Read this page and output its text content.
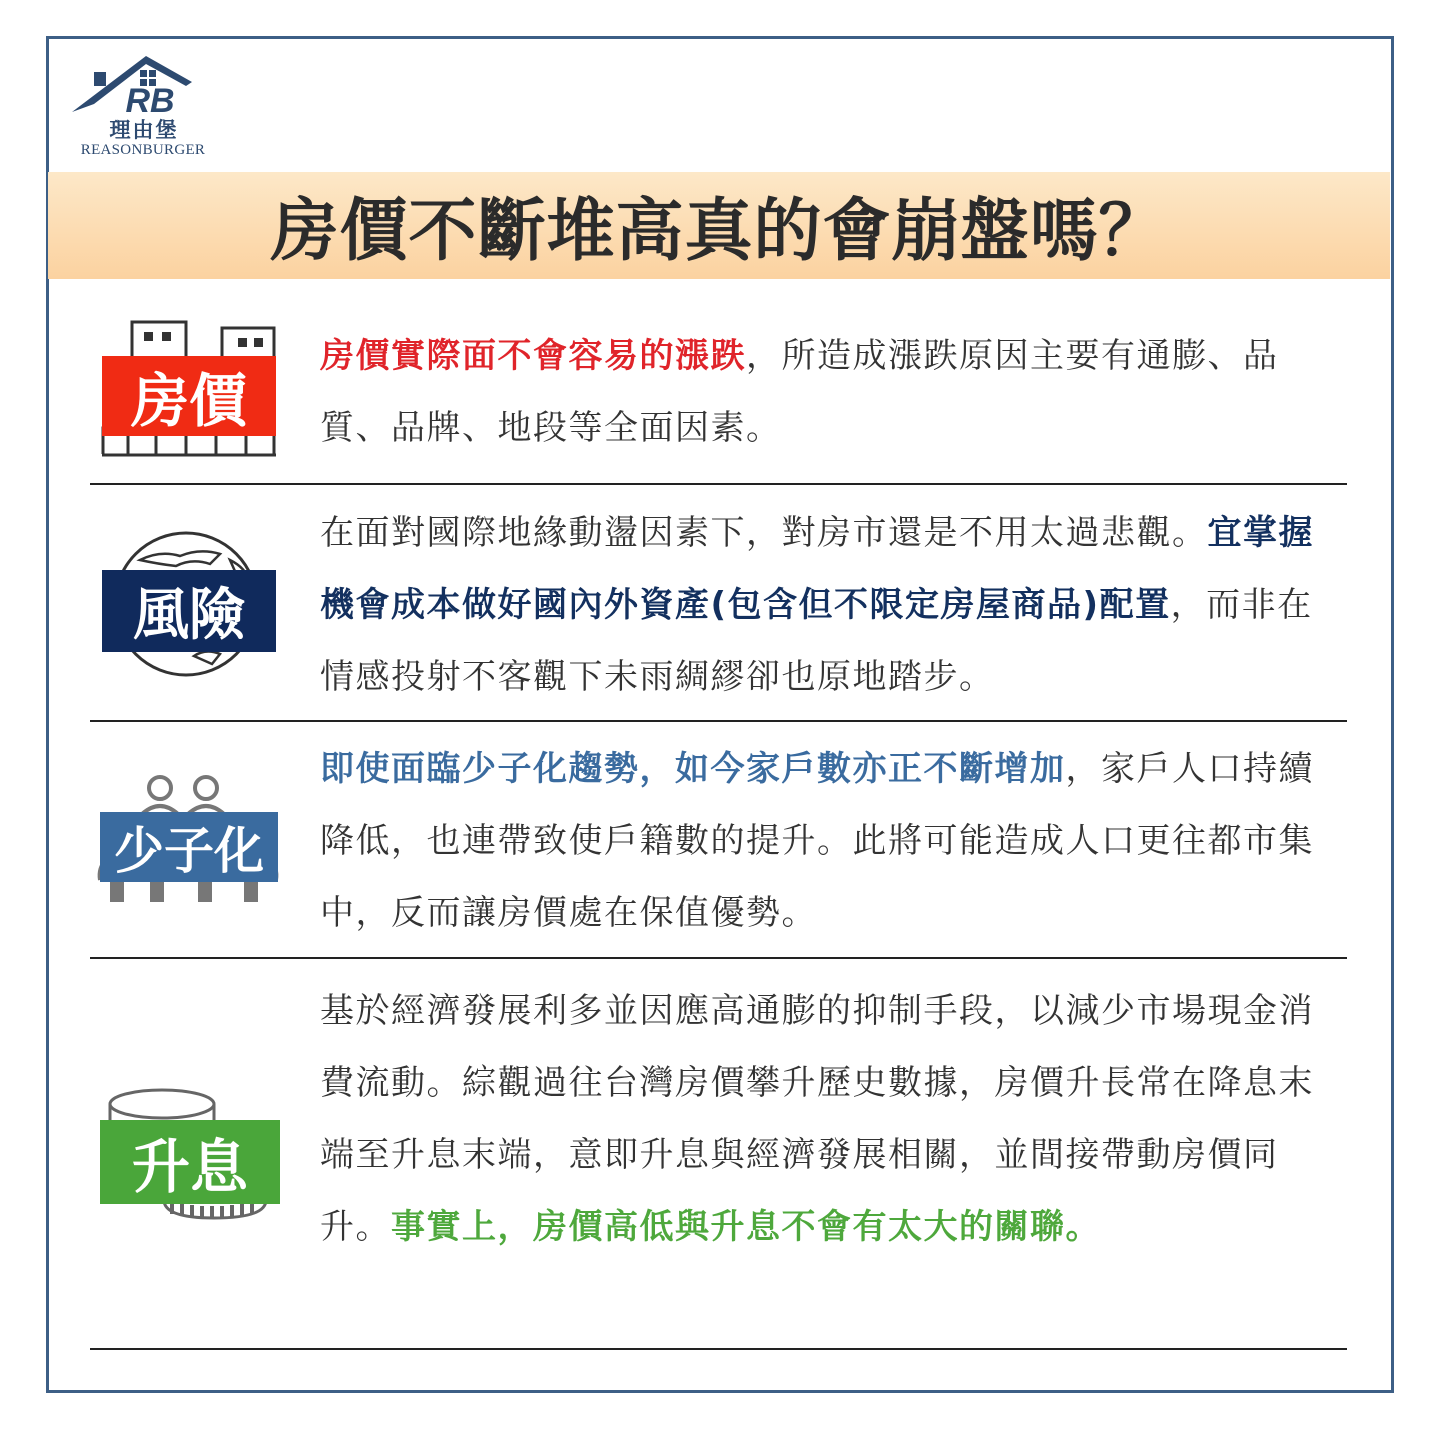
RB
理由堡
REASONBURGER
房價不斷堆高真的會崩盤嗎？
房價
房價實際面不會容易的漲跌，所造成漲跌原因主要有通膨、品質、品牌、地段等全面因素。
風險
在面對國際地緣動盪因素下，對房市還是不用太過悲觀。宜掌握機會成本做好國內外資產(包含但不限定房屋商品)配置，而非在情感投射不客觀下未雨綢繆卻也原地踏步。
少子化
即使面臨少子化趨勢，如今家戶數亦正不斷增加，家戶人口持續降低，也連帶致使戶籍數的提升。此將可能造成人口更往都市集中，反而讓房價處在保值優勢。
升息
基於經濟發展利多並因應高通膨的抑制手段，以減少市場現金消費流動。綜觀過往台灣房價攀升歷史數據，房價升長常在降息末端至升息末端，意即升息與經濟發展相關，並間接帶動房價同升。事實上，房價高低與升息不會有太大的關聯。
